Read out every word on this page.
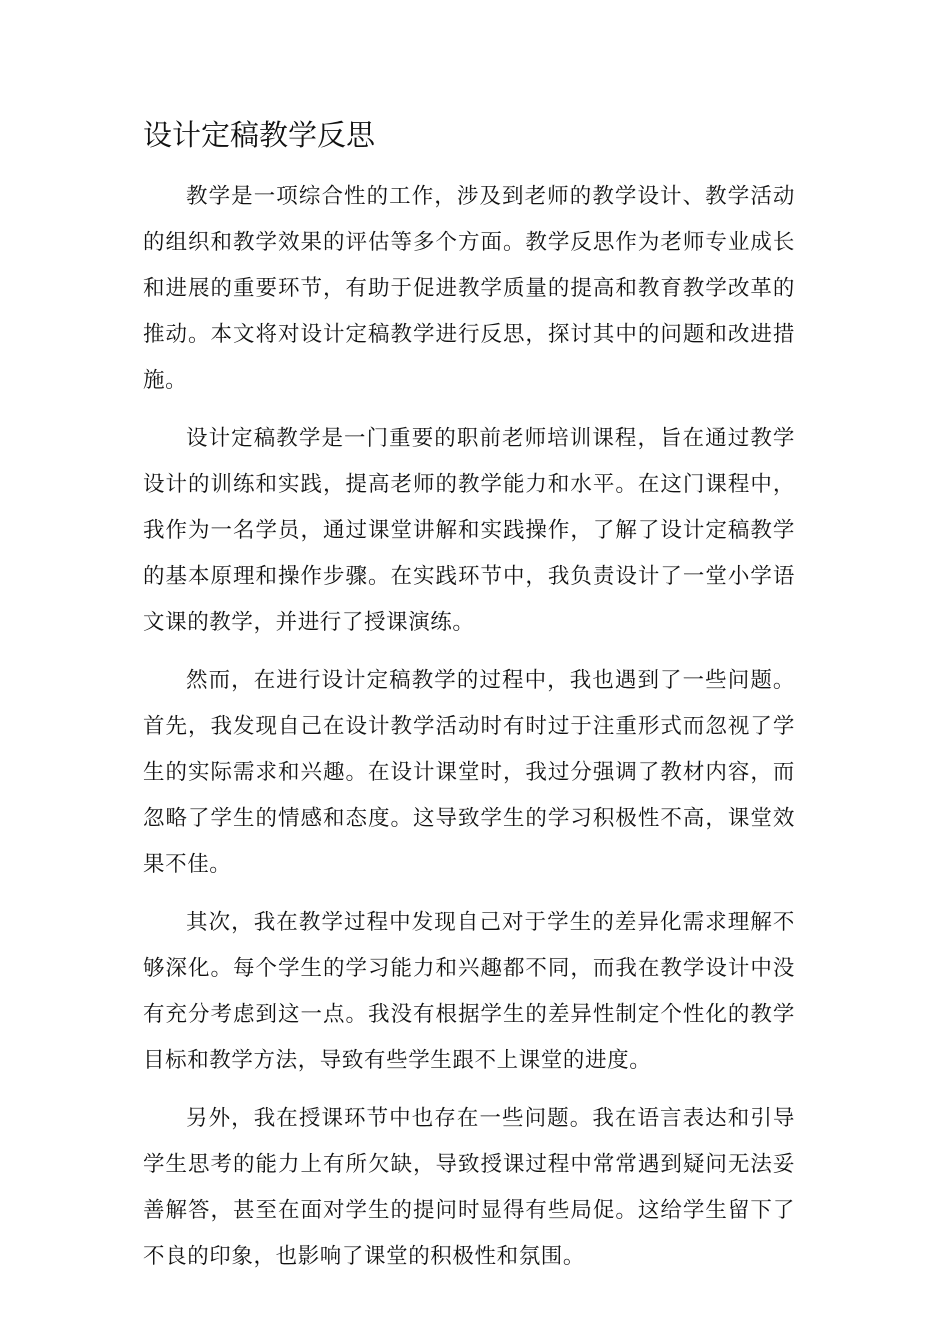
设计定稿教学反思

教学是一项综合性的工作，涉及到老师的教学设计、教学活动的组织和教学效果的评估等多个方面。教学反思作为老师专业成长和进展的重要环节，有助于促进教学质量的提高和教育教学改革的推动。本文将对设计定稿教学进行反思，探讨其中的问题和改进措施。

设计定稿教学是一门重要的职前老师培训课程，旨在通过教学设计的训练和实践，提高老师的教学能力和水平。在这门课程中，我作为一名学员，通过课堂讲解和实践操作，了解了设计定稿教学的基本原理和操作步骤。在实践环节中，我负责设计了一堂小学语文课的教学，并进行了授课演练。

然而，在进行设计定稿教学的过程中，我也遇到了一些问题。首先，我发现自己在设计教学活动时有时过于注重形式而忽视了学生的实际需求和兴趣。在设计课堂时，我过分强调了教材内容，而忽略了学生的情感和态度。这导致学生的学习积极性不高，课堂效果不佳。

其次，我在教学过程中发现自己对于学生的差异化需求理解不够深化。每个学生的学习能力和兴趣都不同，而我在教学设计中没有充分考虑到这一点。我没有根据学生的差异性制定个性化的教学目标和教学方法，导致有些学生跟不上课堂的进度。

另外，我在授课环节中也存在一些问题。我在语言表达和引导学生思考的能力上有所欠缺，导致授课过程中常常遇到疑问无法妥善解答，甚至在面对学生的提问时显得有些局促。这给学生留下了不良的印象，也影响了课堂的积极性和氛围。
